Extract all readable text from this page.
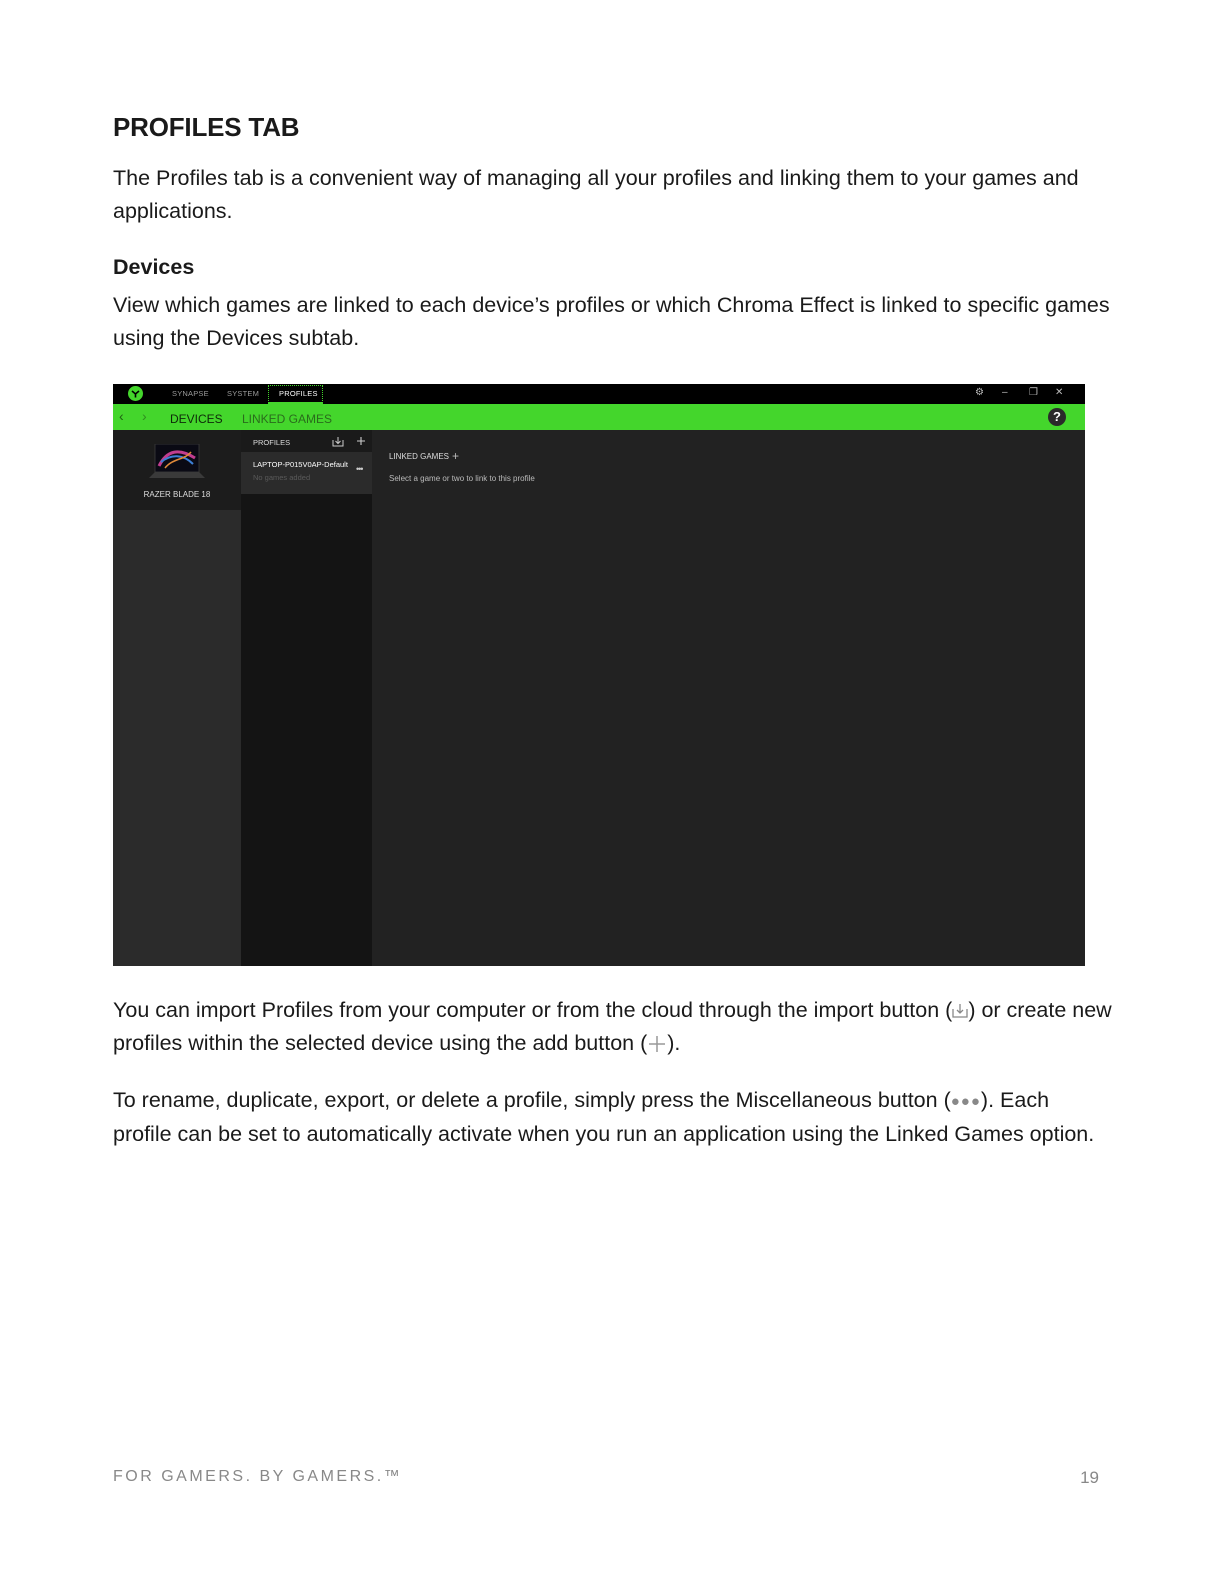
PROFILES TAB
The Profiles tab is a convenient way of managing all your profiles and linking them to your games and applications.
Devices
View which games are linked to each device’s profiles or which Chroma Effect is linked to specific games using the Devices subtab.
SYNAPSE SYSTEM	PROFILES	⚙ – ❐ ✕
‹ › DEVICES LINKED GAMES	?
RAZER BLADE 18
PROFILES
LAPTOP-P015V0AP-Default
No games added
•••
LINKED GAMES +
Select a game or two to link to this profile
You can import Profiles from your computer or from the cloud through the import button ( ) or create new profiles within the selected device using the add button ( ).
To rename, duplicate, export, or delete a profile, simply press the Miscellaneous button (●●●). Each profile can be set to automatically activate when you run an application using the Linked Games option.
FOR GAMERS. BY GAMERS.™	19
